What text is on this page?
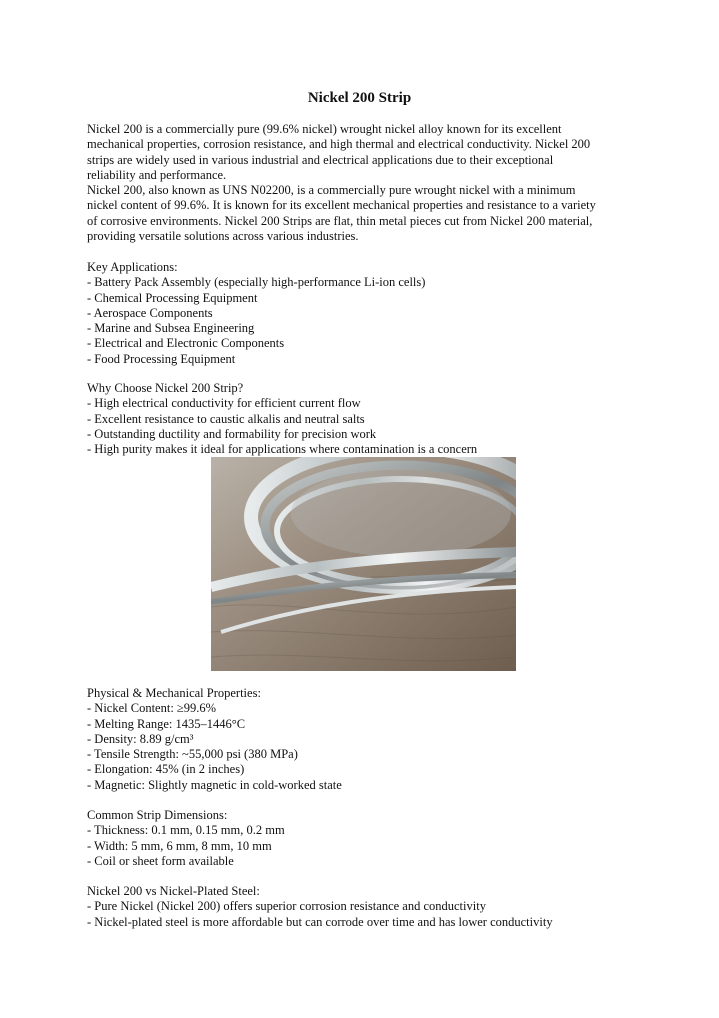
Nickel 200 Strip
Nickel 200 is a commercially pure (99.6% nickel) wrought nickel alloy known for its excellent
mechanical properties, corrosion resistance, and high thermal and electrical conductivity. Nickel 200
strips are widely used in various industrial and electrical applications due to their exceptional
reliability and performance.
Nickel 200, also known as UNS N02200, is a commercially pure wrought nickel with a minimum
nickel content of 99.6%. It is known for its excellent mechanical properties and resistance to a variety
of corrosive environments. Nickel 200 Strips are flat, thin metal pieces cut from Nickel 200 material,
providing versatile solutions across various industries.
Key Applications:
- Battery Pack Assembly (especially high-performance Li-ion cells)
- Chemical Processing Equipment
- Aerospace Components
- Marine and Subsea Engineering
- Electrical and Electronic Components
- Food Processing Equipment
Why Choose Nickel 200 Strip?
- High electrical conductivity for efficient current flow
- Excellent resistance to caustic alkalis and neutral salts
- Outstanding ductility and formability for precision work
- High purity makes it ideal for applications where contamination is a concern
Physical & Mechanical Properties:
- Nickel Content: ≥99.6%
- Melting Range: 1435–1446°C
- Density: 8.89 g/cm³
- Tensile Strength: ~55,000 psi (380 MPa)
- Elongation: 45% (in 2 inches)
- Magnetic: Slightly magnetic in cold-worked state
Common Strip Dimensions:
- Thickness: 0.1 mm, 0.15 mm, 0.2 mm
- Width: 5 mm, 6 mm, 8 mm, 10 mm
- Coil or sheet form available
Nickel 200 vs Nickel-Plated Steel:
- Pure Nickel (Nickel 200) offers superior corrosion resistance and conductivity
- Nickel-plated steel is more affordable but can corrode over time and has lower conductivity
